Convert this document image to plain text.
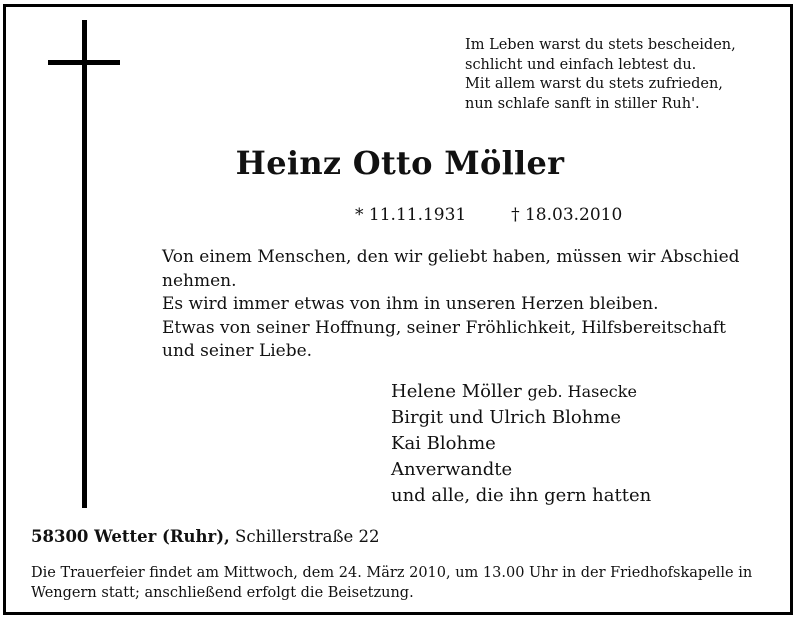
Im Leben warst du stets bescheiden,
schlicht und einfach lebtest du.
Mit allem warst du stets zufrieden,
nun schlafe sanft in stiller Ruh'.
Heinz Otto Möller
* 11.11.1931	† 18.03.2010
Von einem Menschen, den wir geliebt haben, müssen wir Abschied
nehmen.
Es wird immer etwas von ihm in unseren Herzen bleiben.
Etwas von seiner Hoffnung, seiner Fröhlichkeit, Hilfsbereitschaft
und seiner Liebe.
Helene Möller geb. Hasecke
Birgit und Ulrich Blohme
Kai Blohme
Anverwandte
und alle, die ihn gern hatten
58300 Wetter (Ruhr), Schillerstraße 22
Die Trauerfeier findet am Mittwoch, dem 24. März 2010, um 13.00 Uhr in der Friedhofskapelle in
Wengern statt; anschließend erfolgt die Beisetzung.
